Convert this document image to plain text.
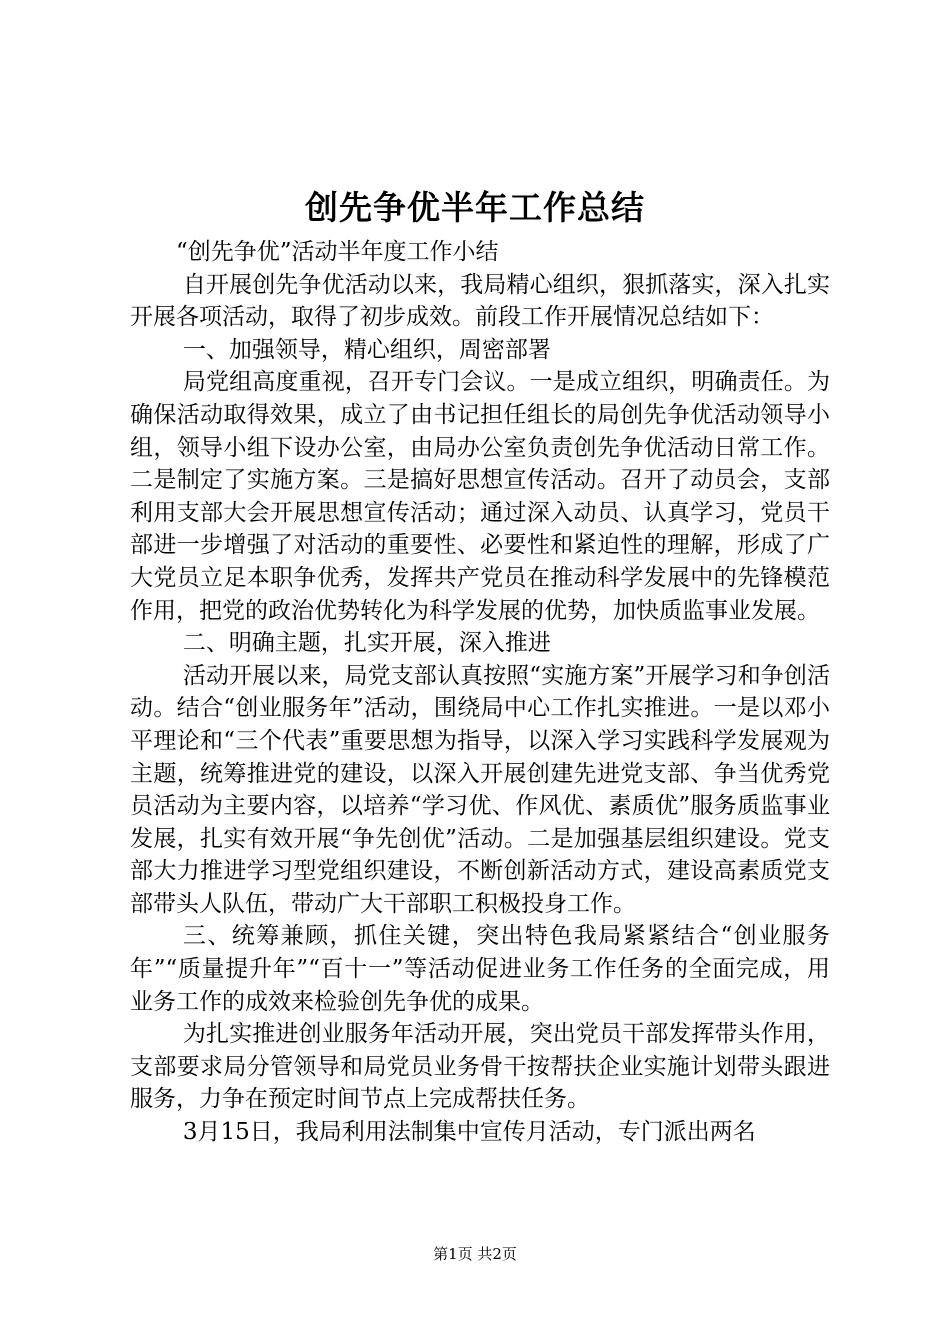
创先争优半年工作总结

“创先争优”活动半年度工作小结

自开展创先争优活动以来，我局精心组织，狠抓落实，深入扎实开展各项活动，取得了初步成效。前段工作开展情况总结如下：

一、加强领导，精心组织，周密部署

局党组高度重视，召开专门会议。一是成立组织，明确责任。为确保活动取得效果，成立了由书记担任组长的局创先争优活动领导小组，领导小组下设办公室，由局办公室负责创先争优活动日常工作。二是制定了实施方案。三是搞好思想宣传活动。召开了动员会，支部利用支部大会开展思想宣传活动；通过深入动员、认真学习，党员干部进一步增强了对活动的重要性、必要性和紧迫性的理解，形成了广大党员立足本职争优秀，发挥共产党员在推动科学发展中的先锋模范作用，把党的政治优势转化为科学发展的优势，加快质监事业发展。

二、明确主题，扎实开展，深入推进

活动开展以来，局党支部认真按照“实施方案”开展学习和争创活动。结合“创业服务年”活动，围绕局中心工作扎实推进。一是以邓小平理论和“三个代表”重要思想为指导，以深入学习实践科学发展观为主题，统筹推进党的建设，以深入开展创建先进党支部、争当优秀党员活动为主要内容，以培养“学习优、作风优、素质优”服务质监事业发展，扎实有效开展“争先创优”活动。二是加强基层组织建设。党支部大力推进学习型党组织建设，不断创新活动方式，建设高素质党支部带头人队伍，带动广大干部职工积极投身工作。

三、统筹兼顾，抓住关键，突出特色我局紧紧结合“创业服务年”“质量提升年”“百十一”等活动促进业务工作任务的全面完成，用业务工作的成效来检验创先争优的成果。

为扎实推进创业服务年活动开展，突出党员干部发挥带头作用，支部要求局分管领导和局党员业务骨干按帮扶企业实施计划带头跟进服务，力争在预定时间节点上完成帮扶任务。

3月15日，我局利用法制集中宣传月活动，专门派出两名

第1页 共2页
